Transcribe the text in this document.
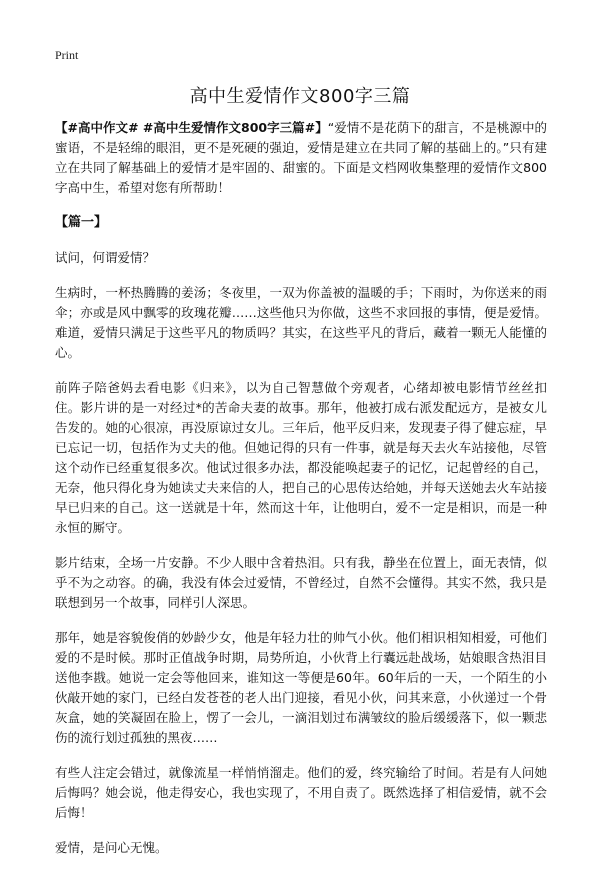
Print
高中生爱情作文800字三篇

【#高中作文# #高中生爱情作文800字三篇#】“爱情不是花荫下的甜言，不是桃源中的蜜语，不是轻绵的眼泪，更不是死硬的强迫，爱情是建立在共同了解的基础上的。”只有建立在共同了解基础上的爱情才是牢固的、甜蜜的。下面是文档网收集整理的爱情作文800字高中生，希望对您有所帮助！

【篇一】

试问，何谓爱情？

生病时，一杯热腾腾的姜汤；冬夜里，一双为你盖被的温暖的手；下雨时，为你送来的雨伞；亦或是风中飘零的玫瑰花瓣……这些他只为你做，这些不求回报的事情，便是爱情。难道，爱情只满足于这些平凡的物质吗？其实，在这些平凡的背后，藏着一颗无人能懂的心。

前阵子陪爸妈去看电影《归来》，以为自己智慧做个旁观者，心绪却被电影情节丝丝扣住。影片讲的是一对经过*的苦命夫妻的故事。那年，他被打成右派发配远方，是被女儿告发的。她的心很凉，再没原谅过女儿。三年后，他平反归来，发现妻子得了健忘症，早已忘记一切，包括作为丈夫的他。但她记得的只有一件事，就是每天去火车站接他，尽管这个动作已经重复很多次。他试过很多办法，都没能唤起妻子的记忆，记起曾经的自己，无奈，他只得化身为她读丈夫来信的人，把自己的心思传达给她，并每天送她去火车站接早已归来的自己。这一送就是十年，然而这十年，让他明白，爱不一定是相识，而是一种永恒的厮守。

影片结束，全场一片安静。不少人眼中含着热泪。只有我，静坐在位置上，面无表情，似乎不为之动容。的确，我没有体会过爱情，不曾经过，自然不会懂得。其实不然，我只是联想到另一个故事，同样引人深思。

那年，她是容貌俊俏的妙龄少女，他是年轻力壮的帅气小伙。他们相识相知相爱，可他们爱的不是时候。那时正值战争时期，局势所迫，小伙背上行囊远赴战场，姑娘眼含热泪目送他李戡。她说一定会等他回来，谁知这一等便是60年。60年后的一天，一个陌生的小伙敲开她的家门，已经白发苍苍的老人出门迎接，看见小伙，问其来意，小伙递过一个骨灰盒，她的笑凝固在脸上，愣了一会儿，一滴泪划过布满皱纹的脸后缓缓落下，似一颗悲伤的流行划过孤独的黑夜……

有些人注定会错过，就像流星一样悄悄溜走。他们的爱，终究输给了时间。若是有人问她后悔吗？她会说，他走得安心，我也实现了，不用自责了。既然选择了相信爱情，就不会后悔！

爱情，是问心无愧。
